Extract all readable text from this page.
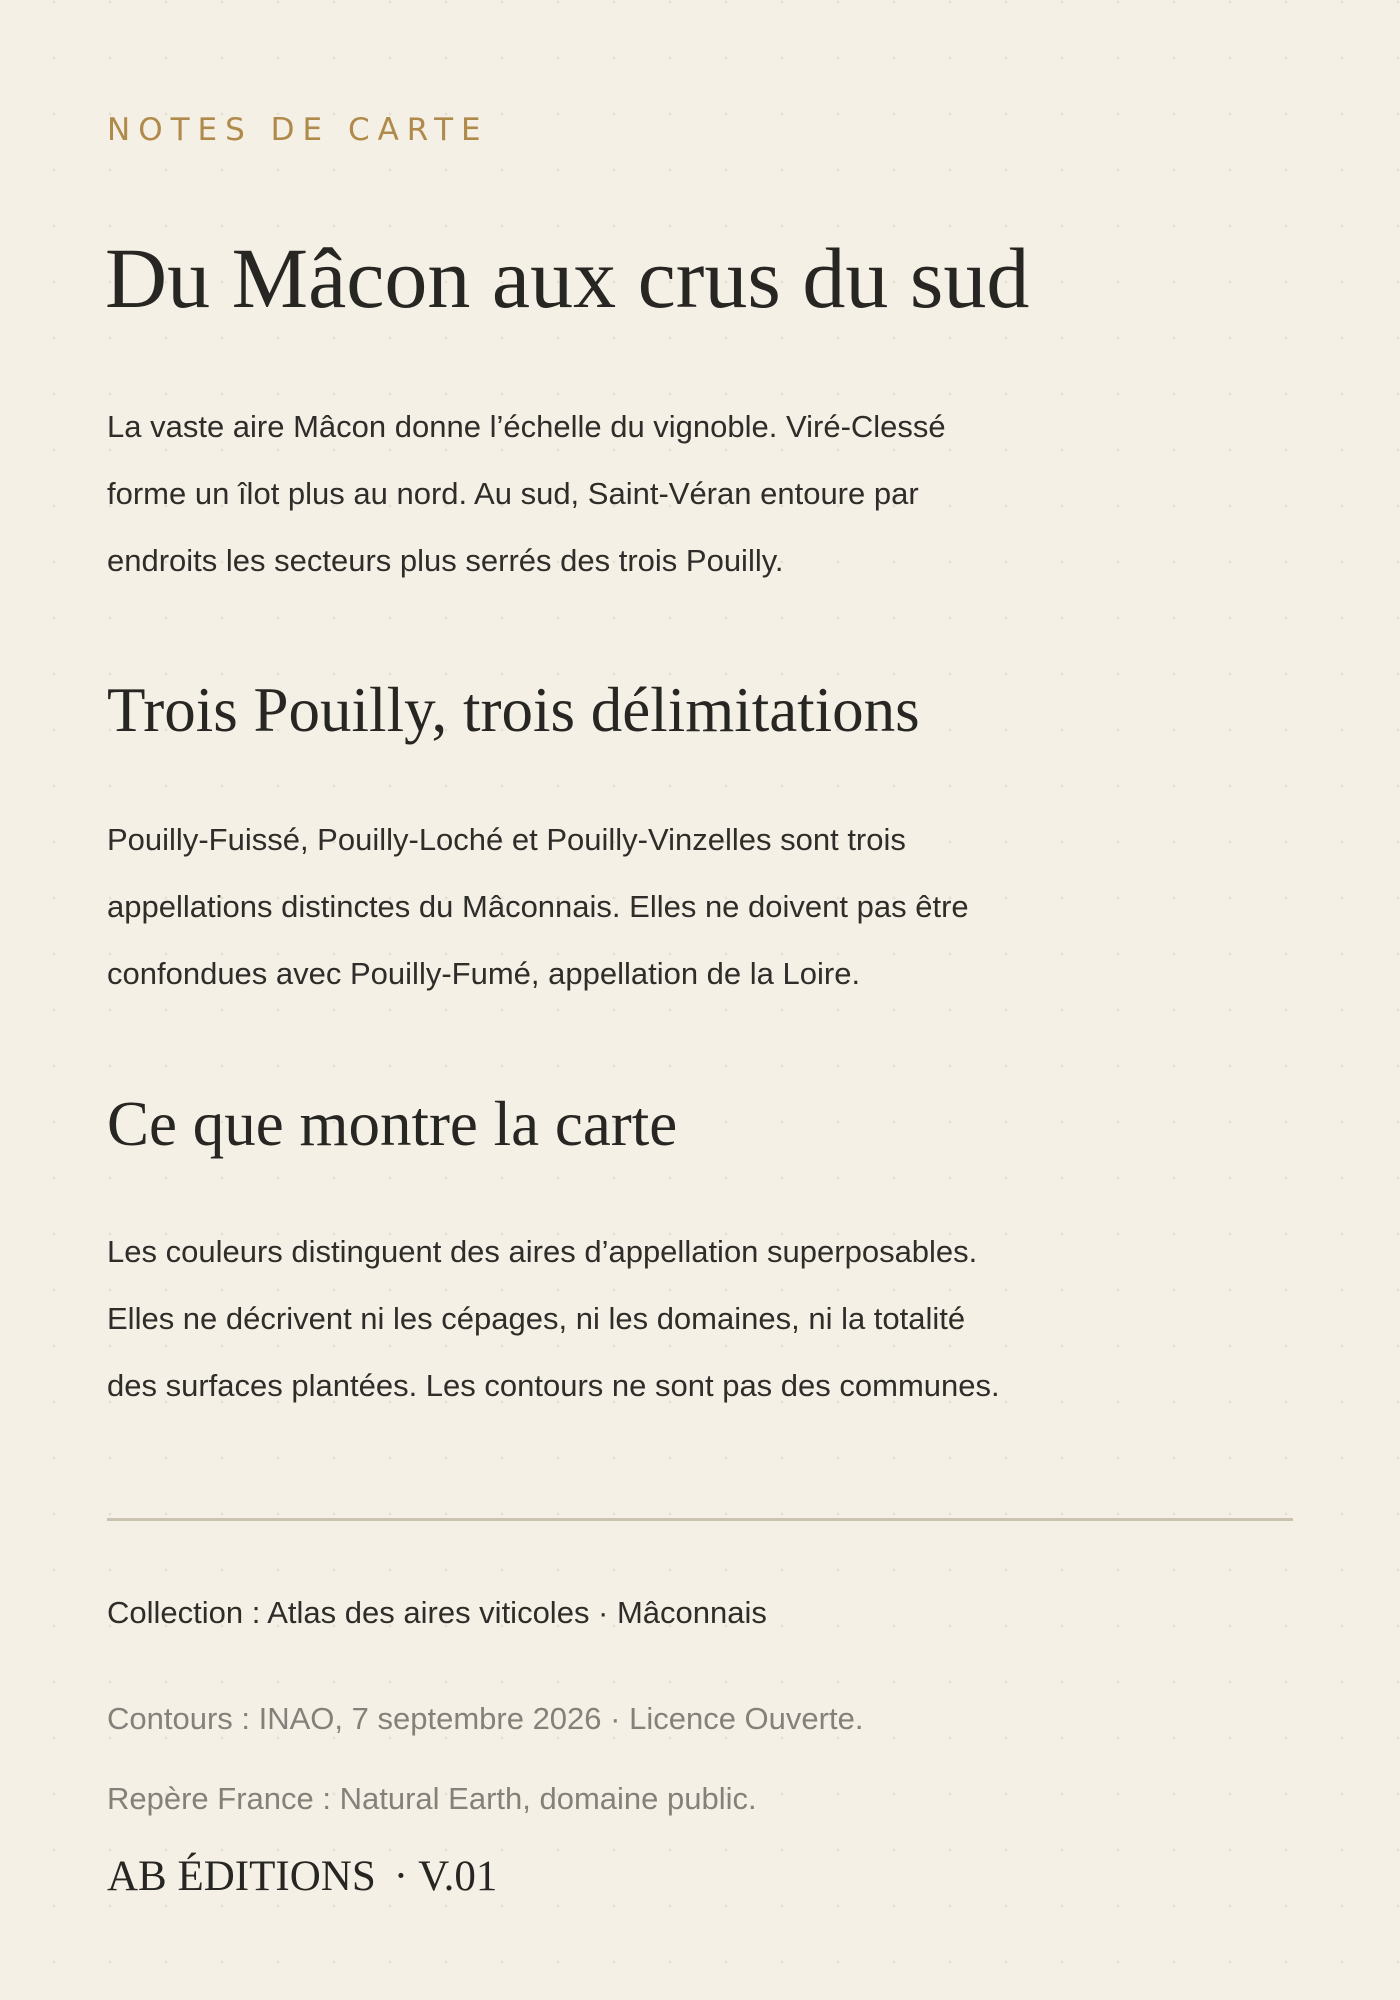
NOTES DE CARTE

Du Mâcon aux crus du sud

La vaste aire Mâcon donne l’échelle du vignoble. Viré-Clessé
forme un îlot plus au nord. Au sud, Saint-Véran entoure par
endroits les secteurs plus serrés des trois Pouilly.

Trois Pouilly, trois délimitations

Pouilly-Fuissé, Pouilly-Loché et Pouilly-Vinzelles sont trois
appellations distinctes du Mâconnais. Elles ne doivent pas être
confondues avec Pouilly-Fumé, appellation de la Loire.

Ce que montre la carte

Les couleurs distinguent des aires d’appellation superposables.
Elles ne décrivent ni les cépages, ni les domaines, ni la totalité
des surfaces plantées. Les contours ne sont pas des communes.

Collection : Atlas des aires viticoles · Mâconnais

Contours : INAO, 7 septembre 2026 · Licence Ouverte.

Repère France : Natural Earth, domaine public.

AB ÉDITIONS · V.01
